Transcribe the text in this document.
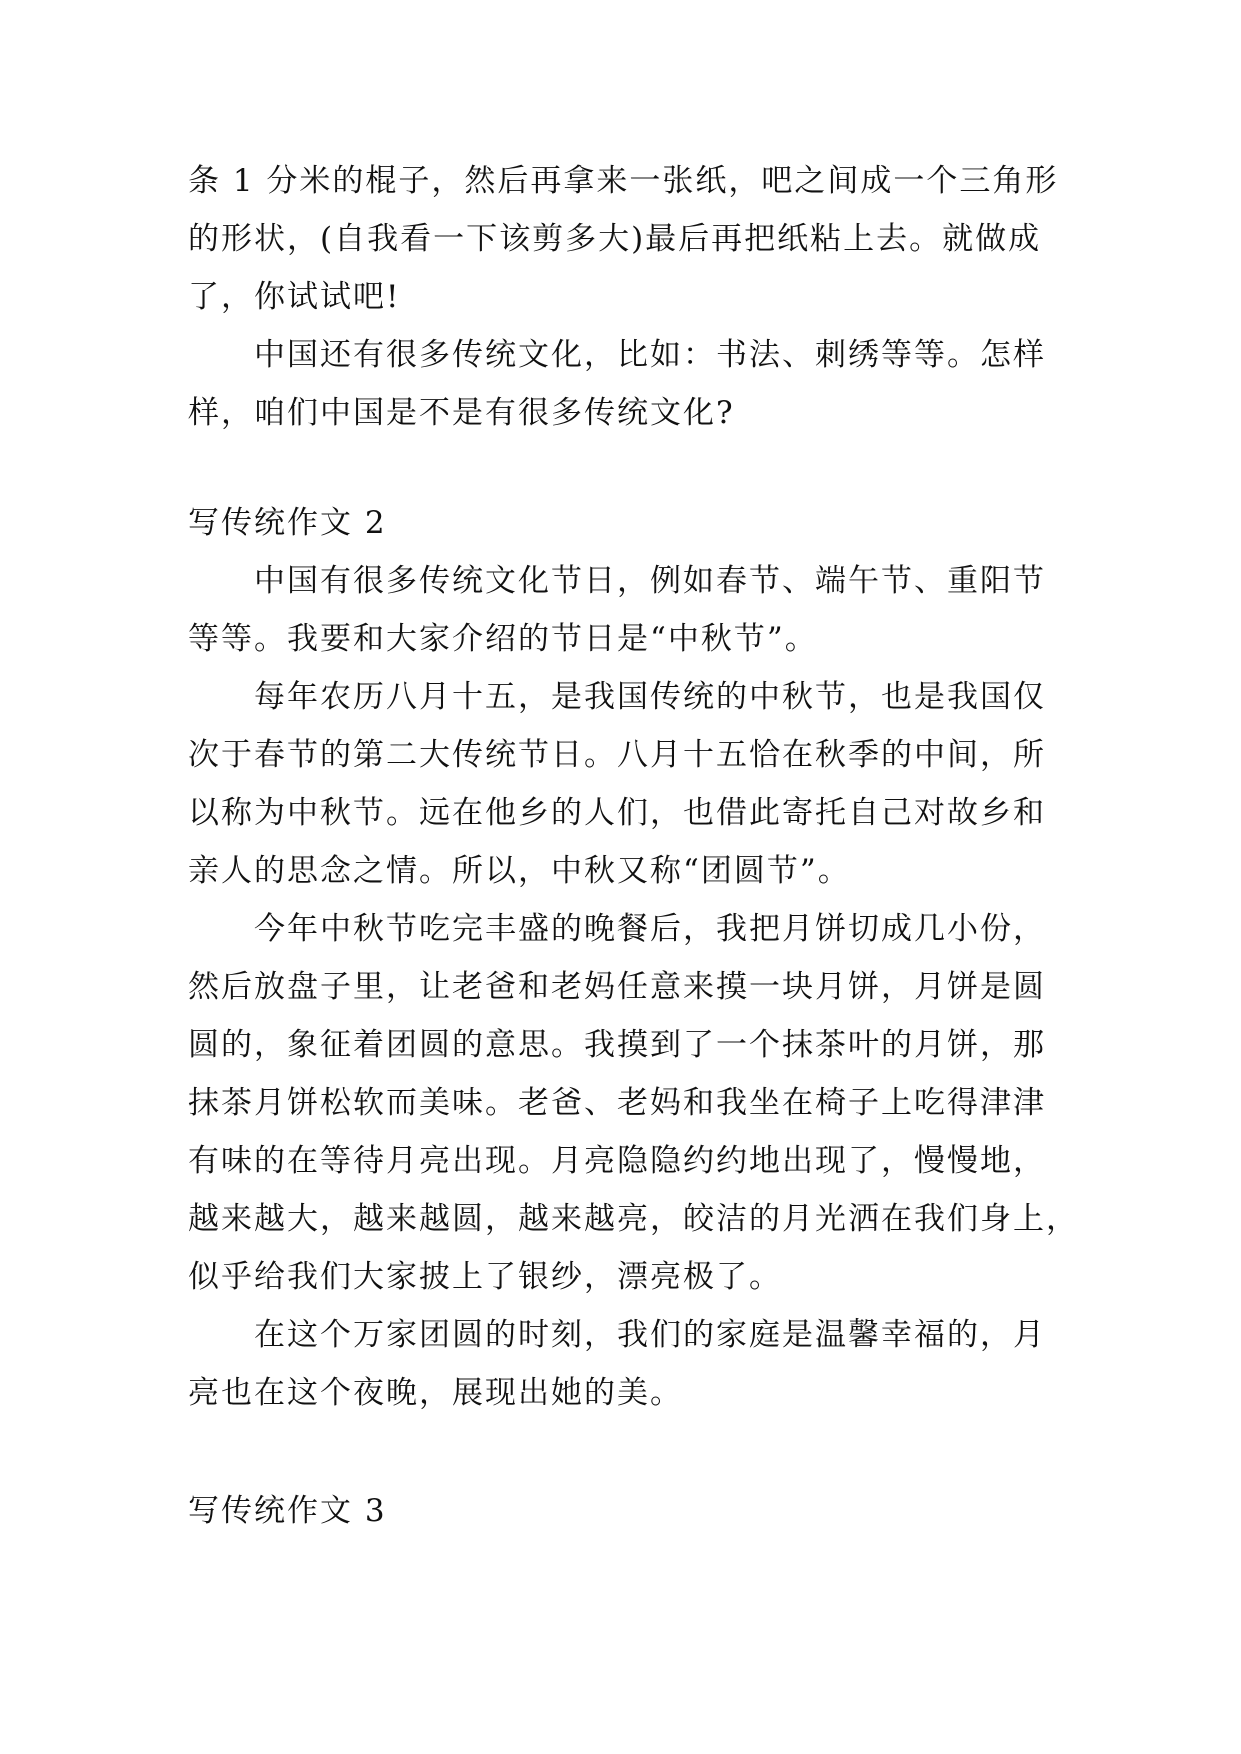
条 1 分米的棍子，然后再拿来一张纸，吧之间成一个三角形
的形状，(自我看一下该剪多大)最后再把纸粘上去。就做成
了，你试试吧!
中国还有很多传统文化，比如：书法、刺绣等等。怎样
样，咱们中国是不是有很多传统文化?
写传统作文 2
中国有很多传统文化节日，例如春节、端午节、重阳节
等等。我要和大家介绍的节日是“中秋节”。
每年农历八月十五，是我国传统的中秋节，也是我国仅
次于春节的第二大传统节日。八月十五恰在秋季的中间，所
以称为中秋节。远在他乡的人们，也借此寄托自己对故乡和
亲人的思念之情。所以，中秋又称“团圆节”。
今年中秋节吃完丰盛的晚餐后，我把月饼切成几小份，
然后放盘子里，让老爸和老妈任意来摸一块月饼，月饼是圆
圆的，象征着团圆的意思。我摸到了一个抹茶叶的月饼，那
抹茶月饼松软而美味。老爸、老妈和我坐在椅子上吃得津津
有味的在等待月亮出现。月亮隐隐约约地出现了，慢慢地，
越来越大，越来越圆，越来越亮，皎洁的月光洒在我们身上，
似乎给我们大家披上了银纱，漂亮极了。
在这个万家团圆的时刻，我们的家庭是温馨幸福的，月
亮也在这个夜晚，展现出她的美。
写传统作文 3
